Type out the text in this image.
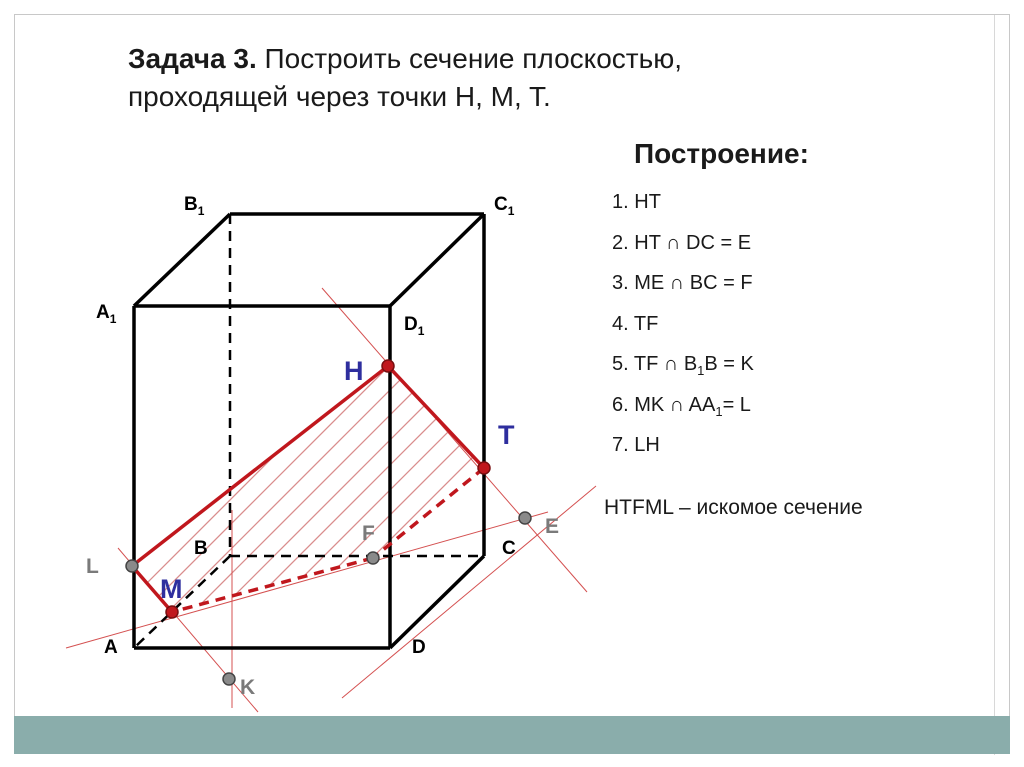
Задача 3. Построить сечение плоскостью,
проходящей через точки H, M, T.
Построение:
1. HT
2. HT ∩ DC = E
3. ME ∩ BC = F
4. TF
5. TF ∩ $B_1B = K$
6. MK ∩ $AA_1= L$
7. LH
HTFML – искомое сечение
$B_1$	$C_1$
$A_1$	$D_1$
B	C
A	D
H
T
M
L
F	E
K
